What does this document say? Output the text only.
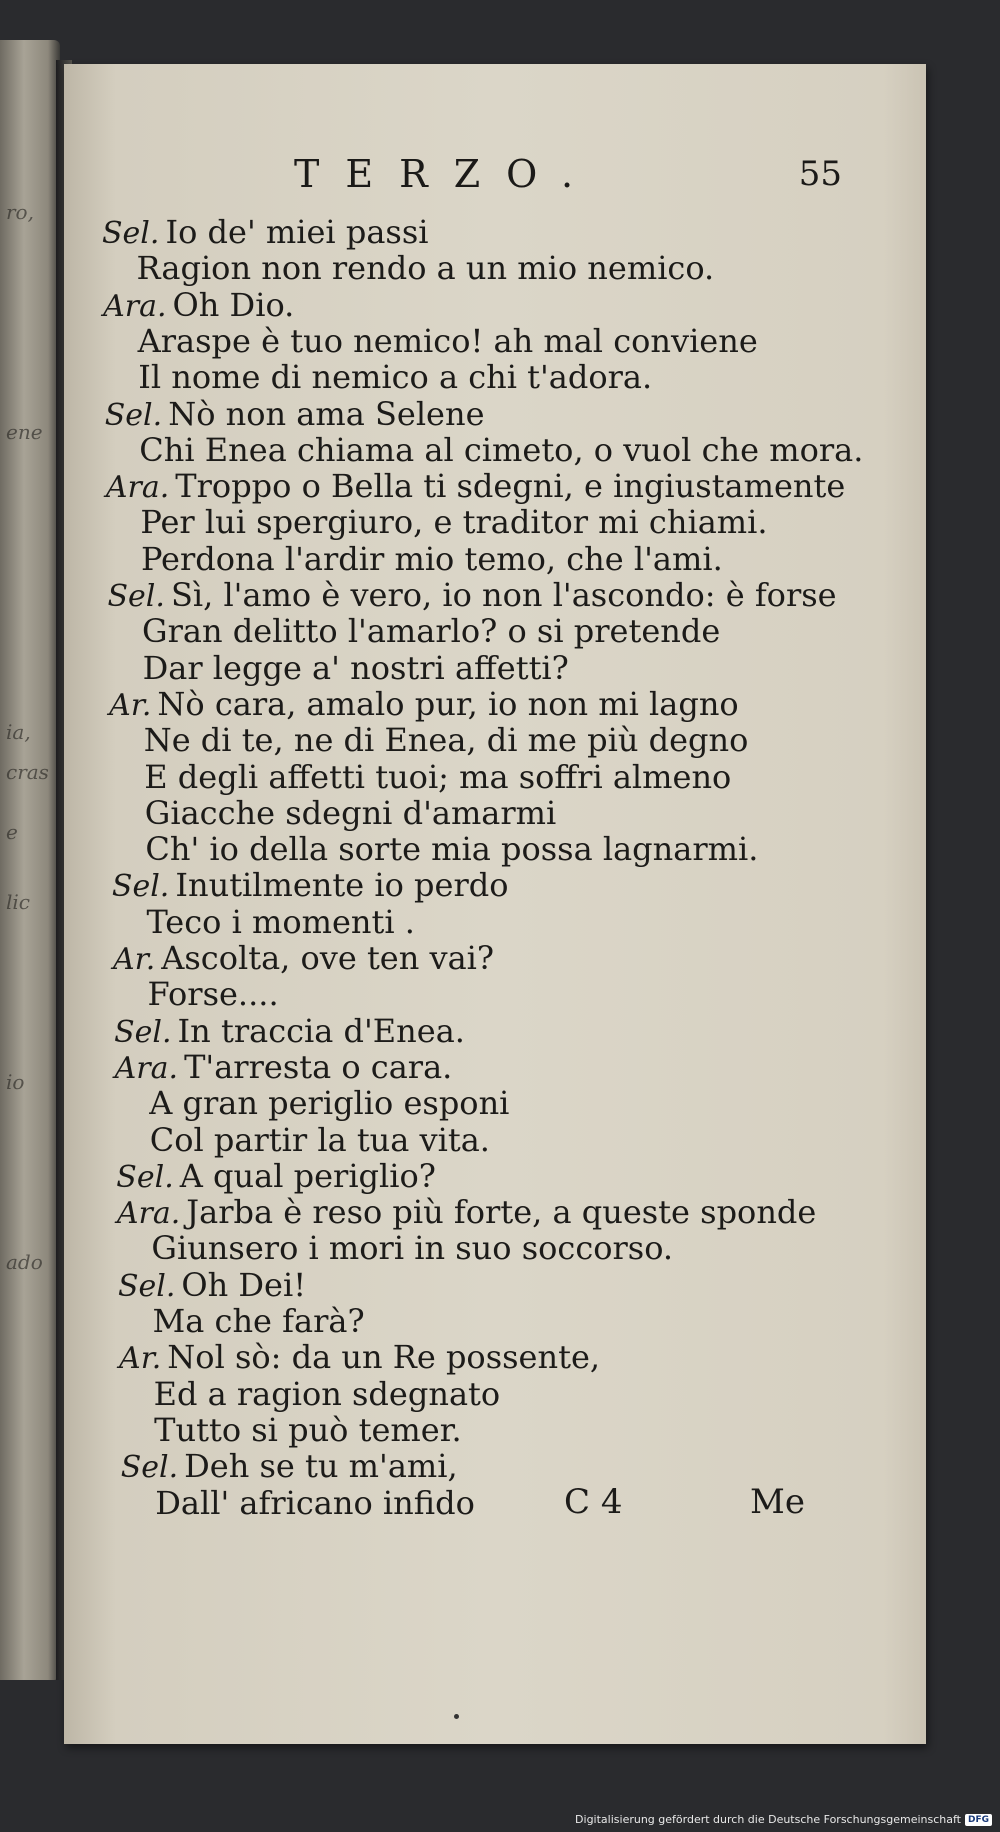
ro,
ene
ia,
cras
e
lic
io
ado
TERZO.	55
Sel. Io de' miei passi
Ragion non rendo a un mio nemico.
Ara. Oh Dio.
Araspe è tuo nemico! ah mal conviene
Il nome di nemico a chi t'adora.
Sel. Nò non ama Selene
Chi Enea chiama al cimeto, o vuol che mora.
Ara. Troppo o Bella ti sdegni, e ingiustamente
Per lui spergiuro, e traditor mi chiami.
Perdona l'ardir mio temo, che l'ami.
Sel. Sì, l'amo è vero, io non l'ascondo: è forse
Gran delitto l'amarlo? o si pretende
Dar legge a' nostri affetti?
Ar. Nò cara, amalo pur, io non mi lagno
Ne di te, ne di Enea, di me più degno
E degli affetti tuoi; ma soffri almeno
Giacche sdegni d'amarmi
Ch' io della sorte mia possa lagnarmi.
Sel. Inutilmente io perdo
Teco i momenti .
Ar. Ascolta, ove ten vai?
Forse....
Sel. In traccia d'Enea.
Ara. T'arresta o cara.
A gran periglio esponi
Col partir la tua vita.
Sel. A qual periglio?
Ara. Jarba è reso più forte, a queste sponde
Giunsero i mori in suo soccorso.
Sel. Oh Dei!
Ma che farà?
Ar. Nol sò: da un Re possente,
Ed a ragion sdegnato
Tutto si può temer.
Sel. Deh se tu m'ami,
Dall' africano infido	C 4	Me
Digitalisierung gefördert durch die Deutsche Forschungsgemeinschaft DFG
